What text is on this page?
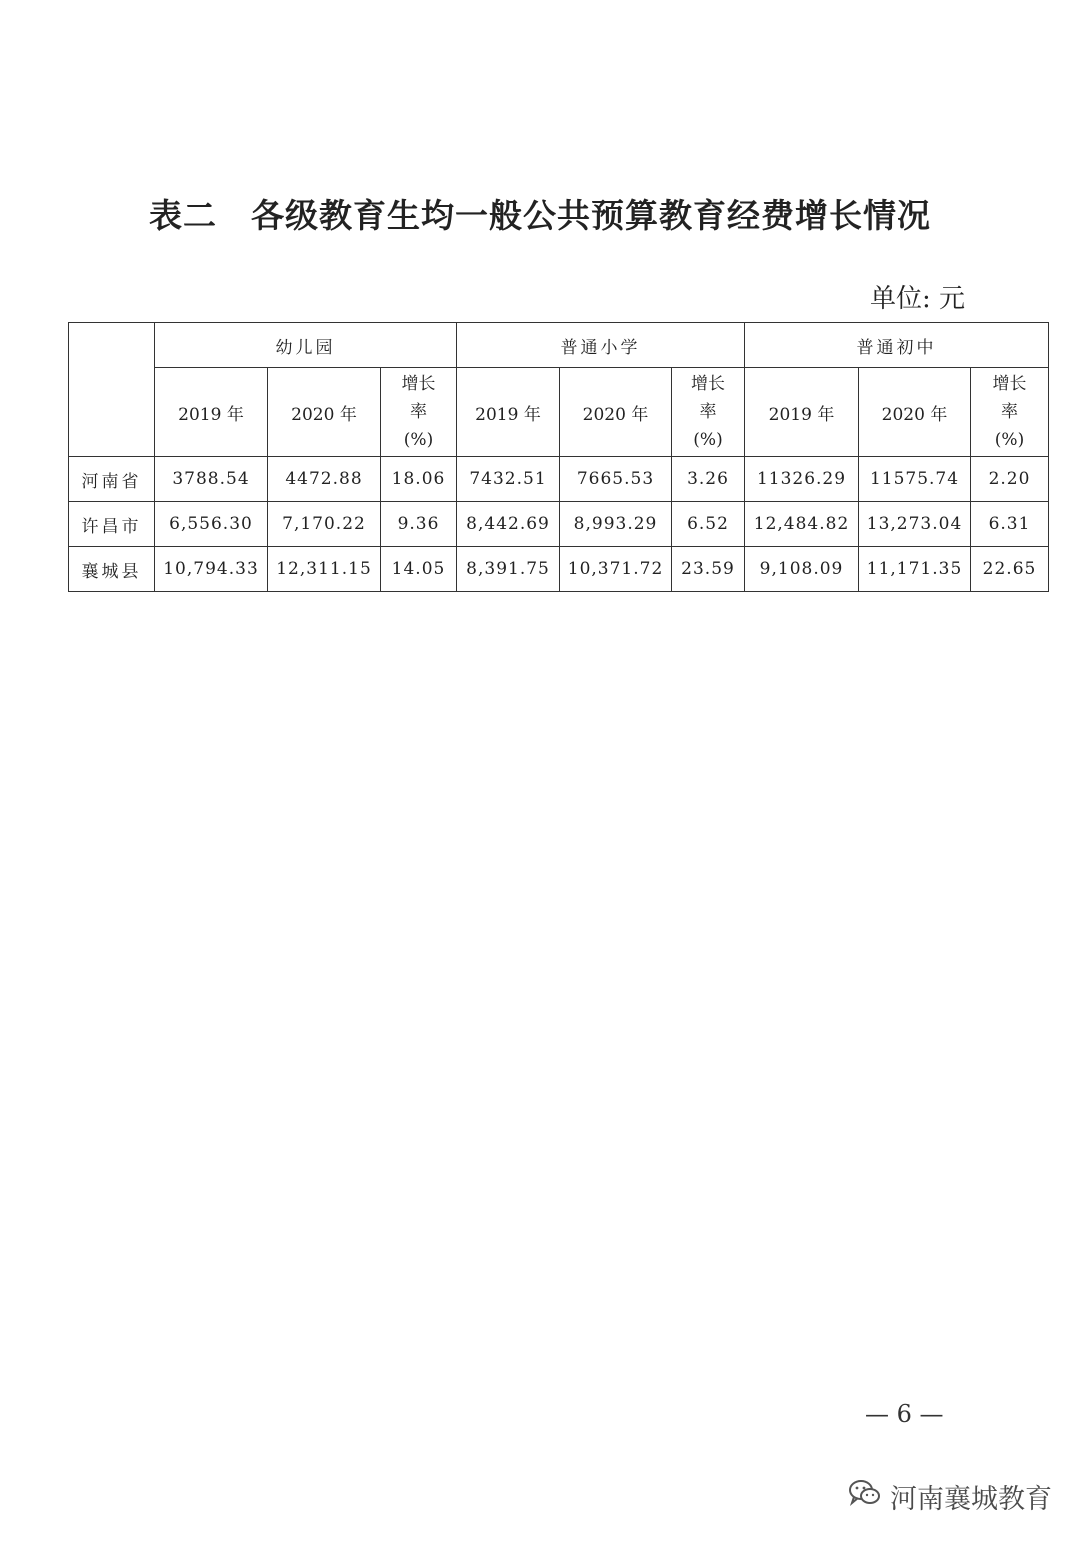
表二 各级教育生均一般公共预算教育经费增长情况
单位: 元
	幼儿园			普通小学			普通初中		
	2019 年	2020 年	增长
率
(%)	2019 年	2020 年	增长
率
(%)	2019 年	2020 年	增长
率
(%)
河南省	3788.54	4472.88	18.06	7432.51	7665.53	3.26	11326.29	11575.74	2.20
许昌市	6,556.30	7,170.22	9.36	8,442.69	8,993.29	6.52	12,484.82	13,273.04	6.31
襄城县	10,794.33	12,311.15	14.05	8,391.75	10,371.72	23.59	9,108.09	11,171.35	22.65
— 6 —
河南襄城教育
